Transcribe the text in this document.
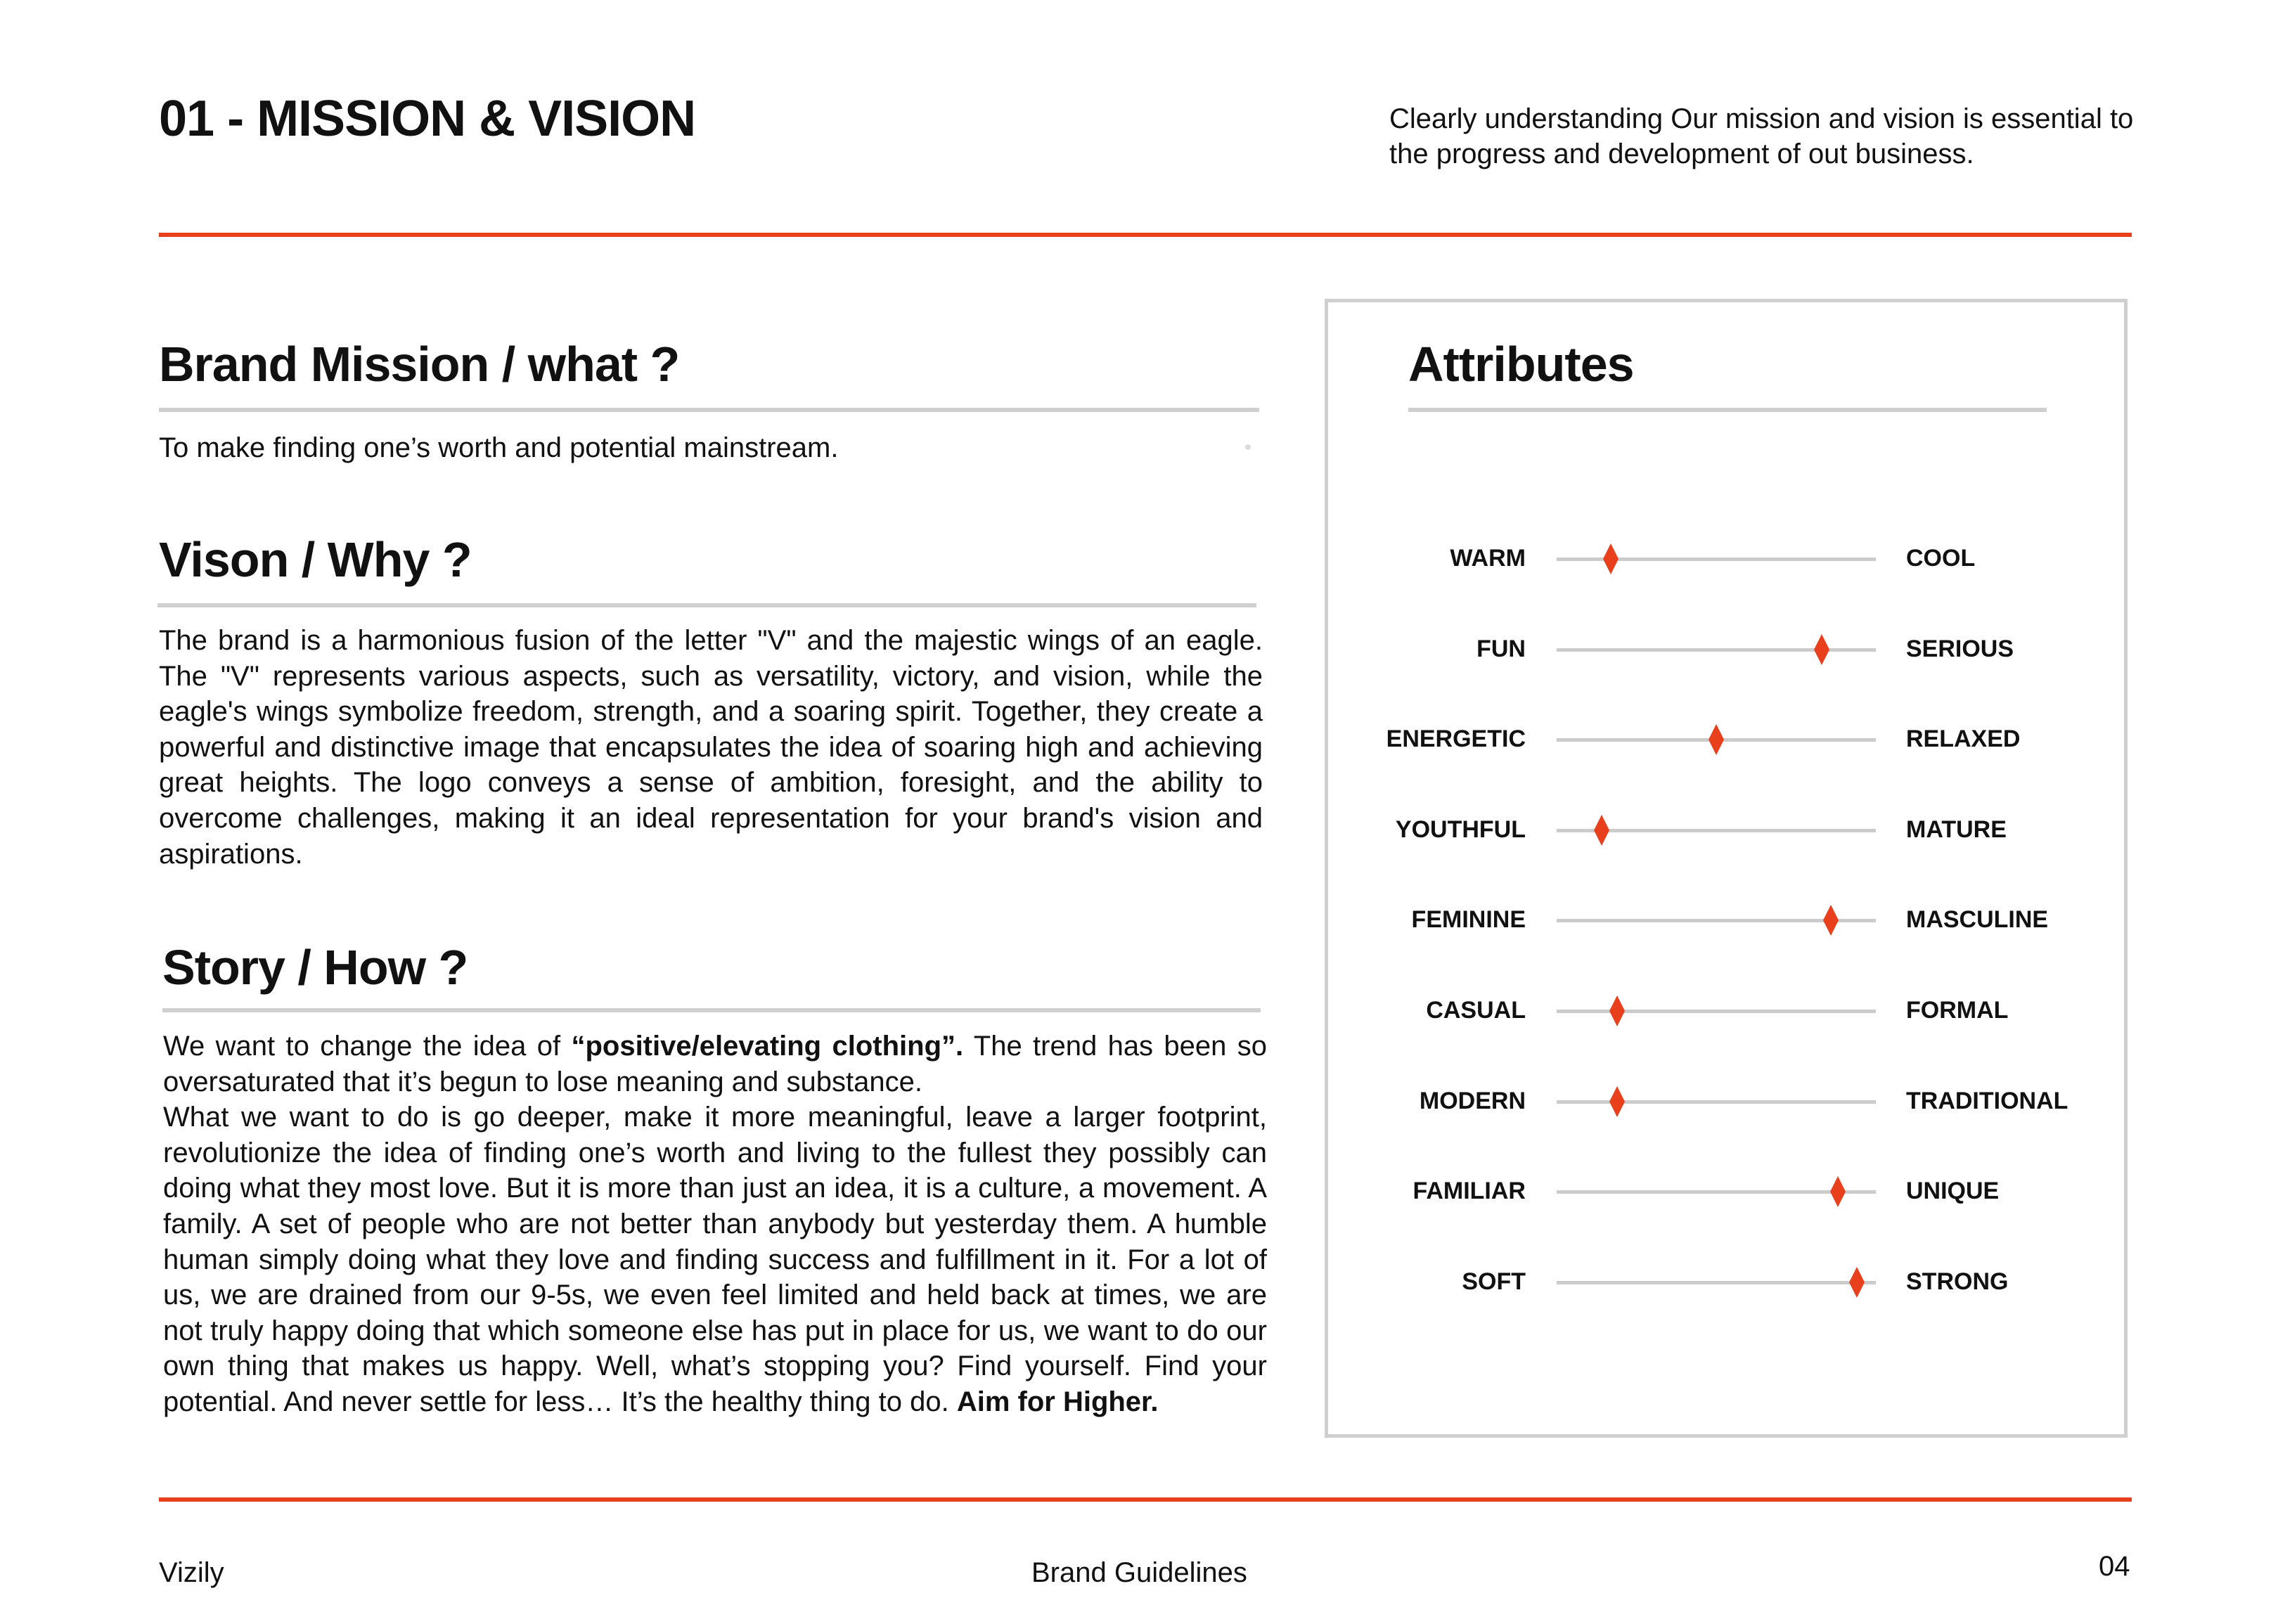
01 - MISSION & VISION	Clearly understanding Our mission and vision is essential to the progress and development of out business.
Brand Mission / what ?
To make finding one’s worth and potential mainstream.
Vison / Why ?

The brand is a harmonious fusion of the letter "V" and the majestic wings of an eagle. The "V" represents various aspects, such as versatility, victory, and vision, while the eagle's wings symbolize freedom, strength, and a soaring spirit. Together, they create a powerful and distinctive image that encapsulates the idea of soaring high and achieving great heights. The logo conveys a sense of ambition, foresight, and the ability to overcome challenges, making it an ideal representation for your brand's vision and aspirations.

Story / How ?
We want to change the idea of “positive/elevating clothing”. The trend has been so oversaturated that it’s begun to lose meaning and substance.
What we want to do is go deeper, make it more meaningful, leave a larger footprint, revolutionize the idea of finding one’s worth and living to the fullest they possibly can doing what they most love. But it is more than just an idea, it is a culture, a movement. A family. A set of people who are not better than anybody but yesterday them. A humble human simply doing what they love and finding success and fulfillment in it. For a lot of us, we are drained from our 9-5s, we even feel limited and held back at times, we are not truly happy doing that which someone else has put in place for us, we want to do our own thing that makes us happy. Well, what’s stopping you? Find yourself. Find your potential. And never settle for less… It’s the healthy thing to do. Aim for Higher.
Attributes
WARM	COOL
FUN	SERIOUS
ENERGETIC	RELAXED
YOUTHFUL	MATURE
FEMININE	MASCULINE
CASUAL	FORMAL
MODERN	TRADITIONAL
FAMILIAR	UNIQUE
SOFT	STRONG
Vizily	Brand Guidelines	04
